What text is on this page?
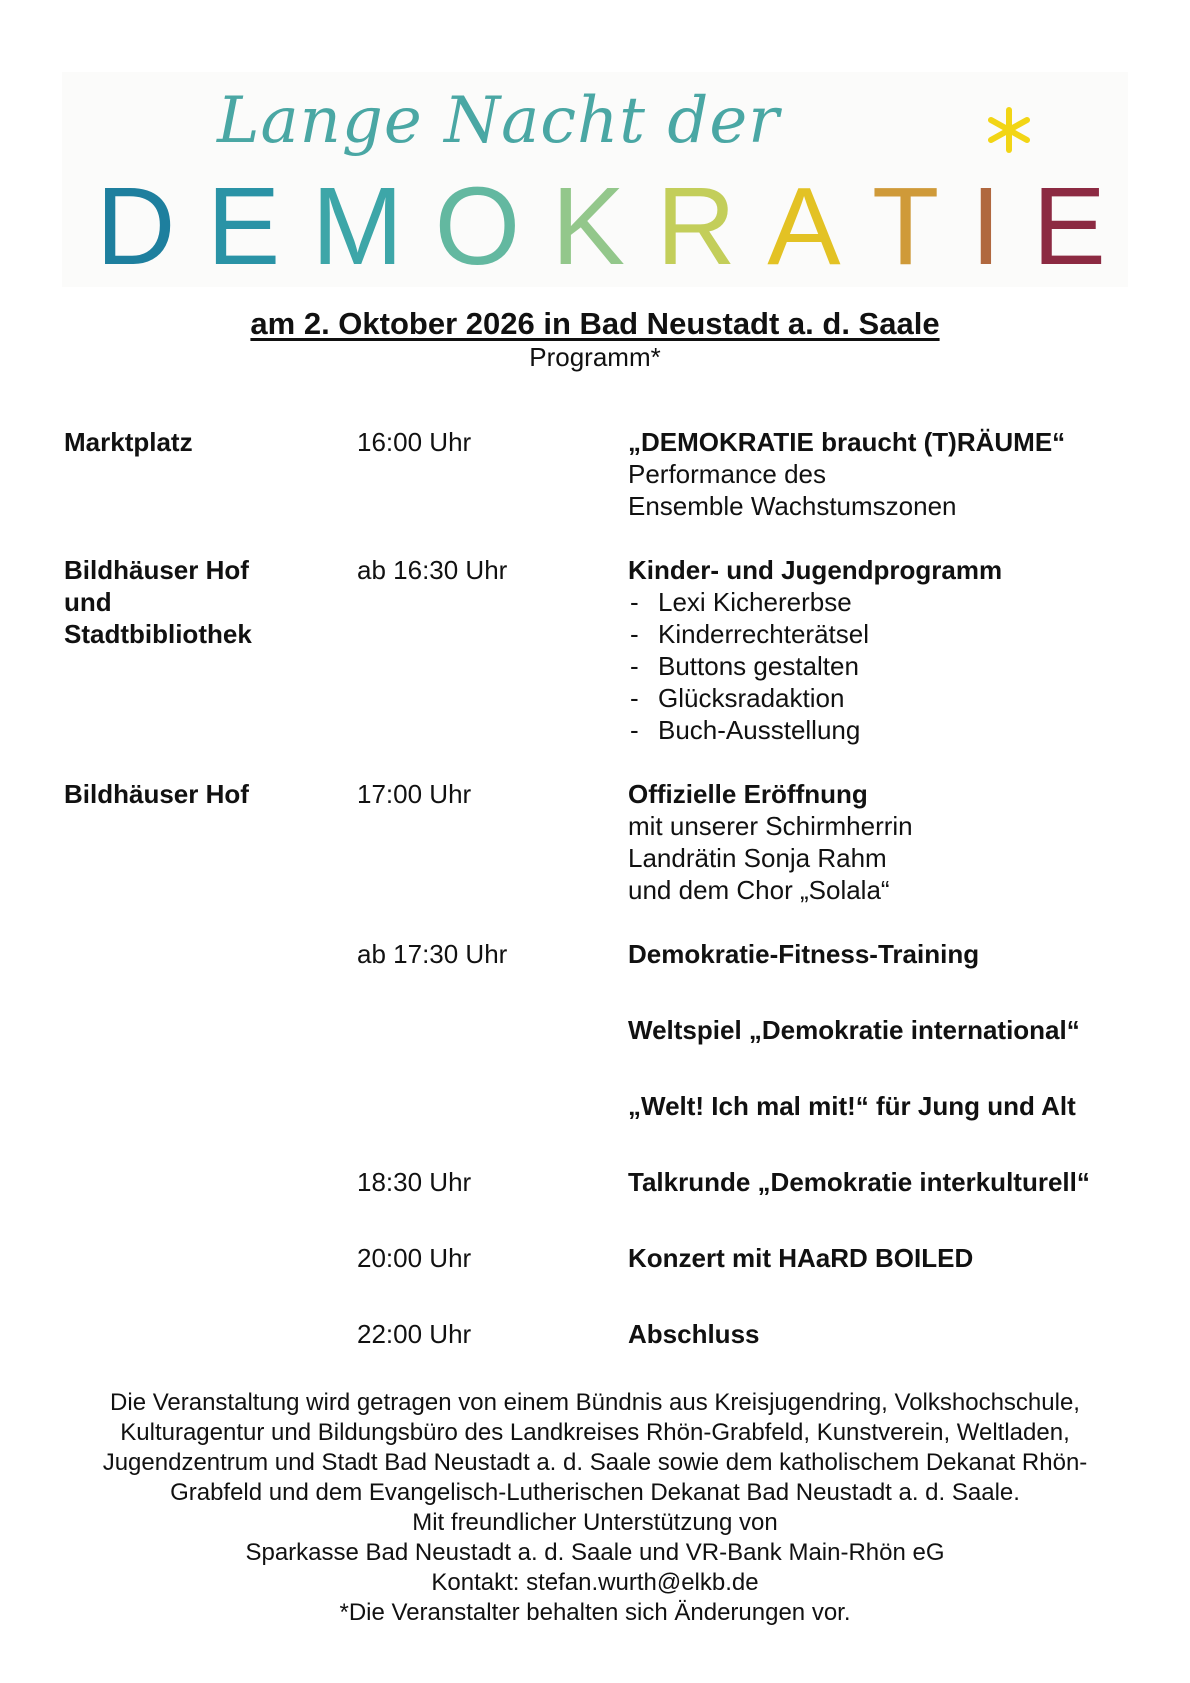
Lange Nacht der
D E M O K R A T I E
am 2. Oktober 2026 in Bad Neustadt a. d. Saale
Programm*
Marktplatz	16:00 Uhr	„DEMOKRATIE braucht (T)RÄUME“
Performance des
Ensemble Wachstumszonen
Bildhäuser Hof
und
Stadtbibliothek
ab 16:30 Uhr	Kinder- und Jugendprogramm
- Lexi Kichererbse
- Kinderrechterätsel
- Buttons gestalten
- Glücksradaktion
- Buch-Ausstellung
Bildhäuser Hof	17:00 Uhr	Offizielle Eröffnung
mit unserer Schirmherrin
Landrätin Sonja Rahm
und dem Chor „Solala“
ab 17:30 Uhr	Demokratie-Fitness-Training
Weltspiel „Demokratie international“
„Welt! Ich mal mit!“ für Jung und Alt
18:30 Uhr	Talkrunde „Demokratie interkulturell“
20:00 Uhr	Konzert mit HAaRD BOILED
22:00 Uhr	Abschluss

Die Veranstaltung wird getragen von einem Bündnis aus Kreisjugendring, Volkshochschule,

Kulturagentur und Bildungsbüro des Landkreises Rhön-Grabfeld, Kunstverein, Weltladen,

Jugendzentrum und Stadt Bad Neustadt a. d. Saale sowie dem katholischem Dekanat Rhön-

Grabfeld und dem Evangelisch-Lutherischen Dekanat Bad Neustadt a. d. Saale.

Mit freundlicher Unterstützung von

Sparkasse Bad Neustadt a. d. Saale und VR-Bank Main-Rhön eG

Kontakt: stefan.wurth@elkb.de

*Die Veranstalter behalten sich Änderungen vor.
